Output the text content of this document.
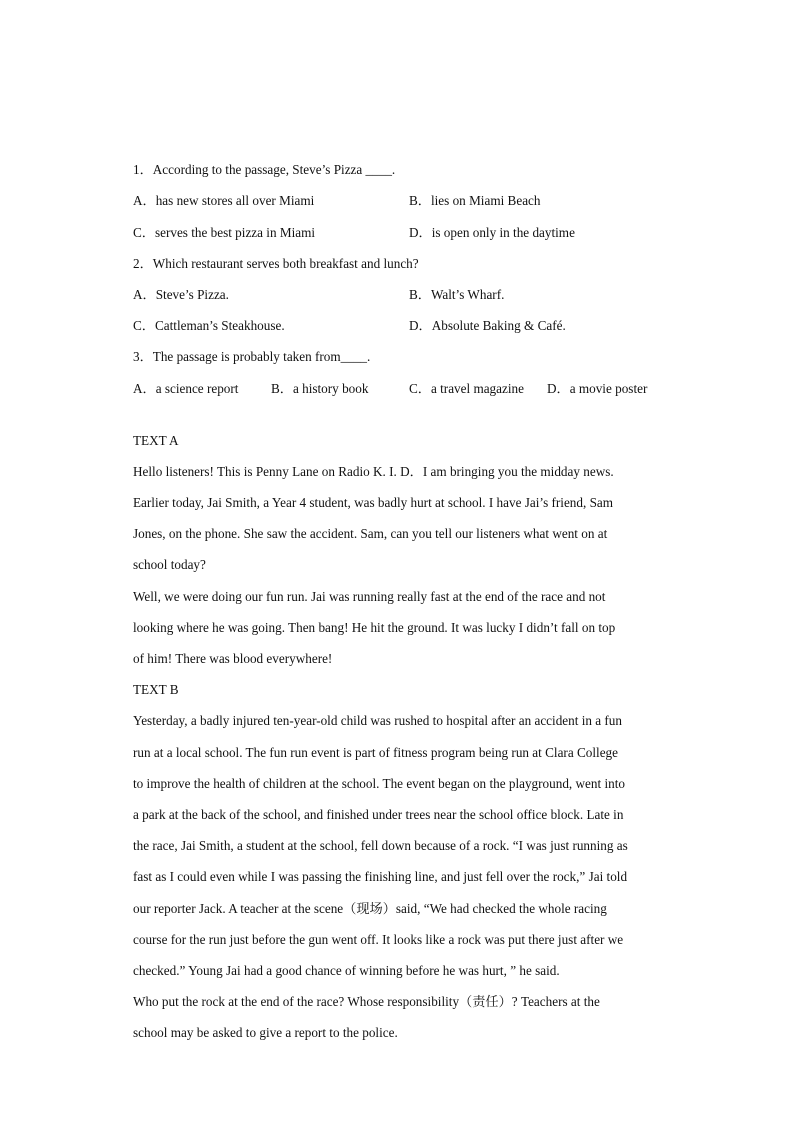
1．According to the passage, Steve’s Pizza ____.
A．has new stores all over Miami	B．lies on Miami Beach
C．serves the best pizza in Miami	D．is open only in the daytime
2．Which restaurant serves both breakfast and lunch?
A．Steve’s Pizza.	B．Walt’s Wharf.
C．Cattleman’s Steakhouse.	D．Absolute Baking & Café.
3．The passage is probably taken from____.
A．a science report B．a history book	C．a travel magazine D．a movie poster
TEXT A
Hello listeners! This is Penny Lane on Radio K. I. D．I am bringing you the midday news.
Earlier today, Jai Smith, a Year 4 student, was badly hurt at school. I have Jai’s friend, Sam
Jones, on the phone. She saw the accident. Sam, can you tell our listeners what went on at
school today?
Well, we were doing our fun run. Jai was running really fast at the end of the race and not
looking where he was going. Then bang! He hit the ground. It was lucky I didn’t fall on top
of him! There was blood everywhere!
TEXT B
Yesterday, a badly injured ten-year-old child was rushed to hospital after an accident in a fun
run at a local school. The fun run event is part of fitness program being run at Clara College
to improve the health of children at the school. The event began on the playground, went into
a park at the back of the school, and finished under trees near the school office block. Late in
the race, Jai Smith, a student at the school, fell down because of a rock. “I was just running as
fast as I could even while I was passing the finishing line, and just fell over the rock,” Jai told
our reporter Jack. A teacher at the scene（现场）said, “We had checked the whole racing
course for the run just before the gun went off. It looks like a rock was put there just after we
checked.” Young Jai had a good chance of winning before he was hurt, ” he said.
Who put the rock at the end of the race? Whose responsibility（责任）? Teachers at the
school may be asked to give a report to the police.
